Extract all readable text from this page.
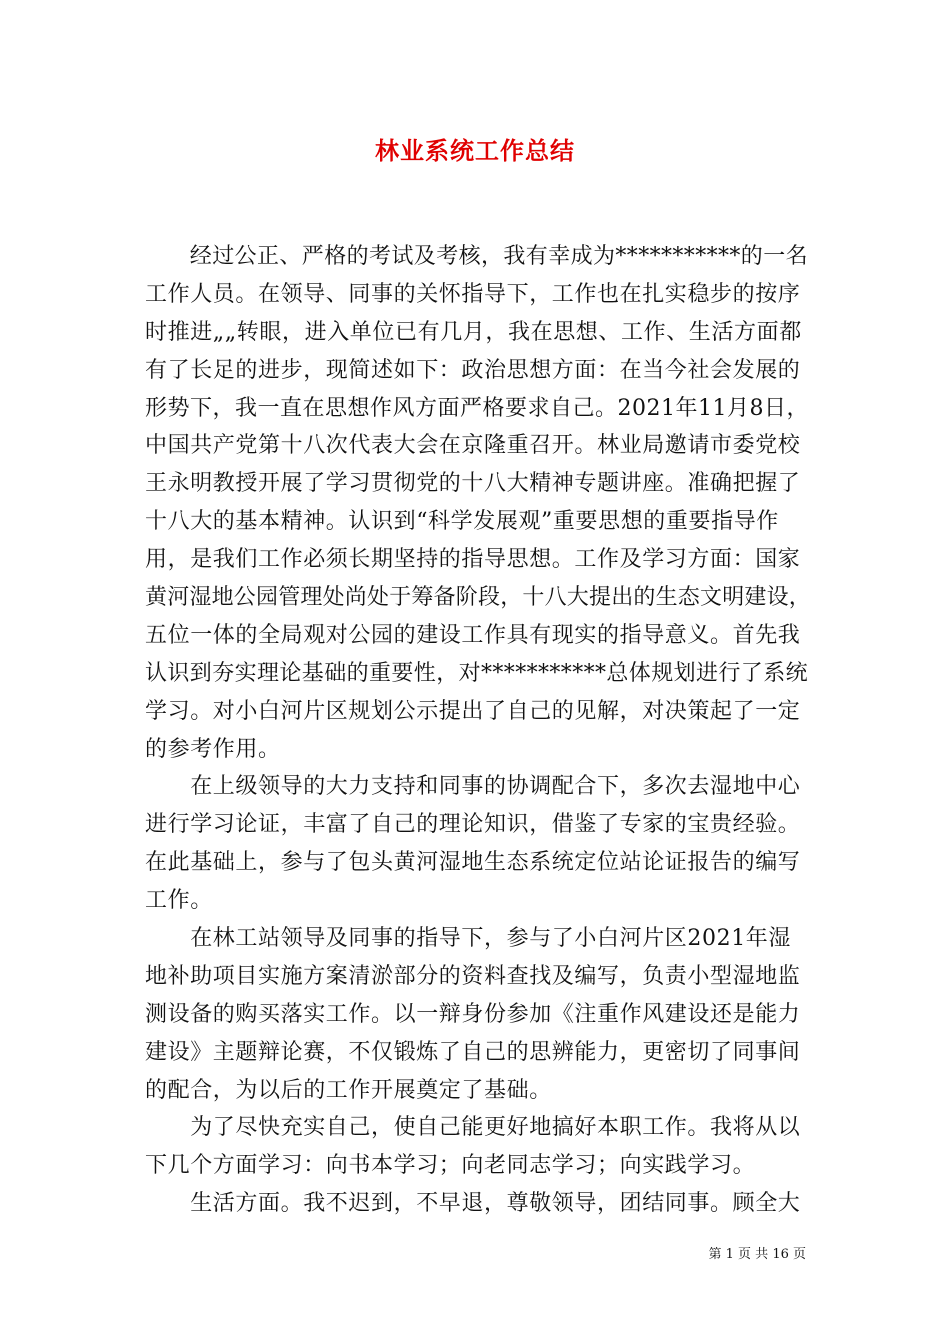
林业系统工作总结
　　经过公正、严格的考试及考核，我有幸成为***********的一名
工作人员。在领导、同事的关怀指导下，工作也在扎实稳步的按序
时推进„„转眼，进入单位已有几月，我在思想、工作、生活方面都
有了长足的进步，现简述如下：政治思想方面：在当今社会发展的
形势下，我一直在思想作风方面严格要求自己。2021年11月8日，
中国共产党第十八次代表大会在京隆重召开。林业局邀请市委党校
王永明教授开展了学习贯彻党的十八大精神专题讲座。准确把握了
十八大的基本精神。认识到“科学发展观”重要思想的重要指导作
用，是我们工作必须长期坚持的指导思想。工作及学习方面：国家
黄河湿地公园管理处尚处于筹备阶段，十八大提出的生态文明建设，
五位一体的全局观对公园的建设工作具有现实的指导意义。首先我
认识到夯实理论基础的重要性，对***********总体规划进行了系统
学习。对小白河片区规划公示提出了自己的见解，对决策起了一定
的参考作用。
　　在上级领导的大力支持和同事的协调配合下，多次去湿地中心
进行学习论证，丰富了自己的理论知识，借鉴了专家的宝贵经验。
在此基础上，参与了包头黄河湿地生态系统定位站论证报告的编写
工作。
　　在林工站领导及同事的指导下，参与了小白河片区2021年湿
地补助项目实施方案清淤部分的资料查找及编写，负责小型湿地监
测设备的购买落实工作。以一辩身份参加《注重作风建设还是能力
建设》主题辩论赛，不仅锻炼了自己的思辨能力，更密切了同事间
的配合，为以后的工作开展奠定了基础。
　　为了尽快充实自己，使自己能更好地搞好本职工作。我将从以
下几个方面学习：向书本学习；向老同志学习；向实践学习。
　　生活方面。我不迟到，不早退，尊敬领导，团结同事。顾全大
第 1 页 共 16 页
